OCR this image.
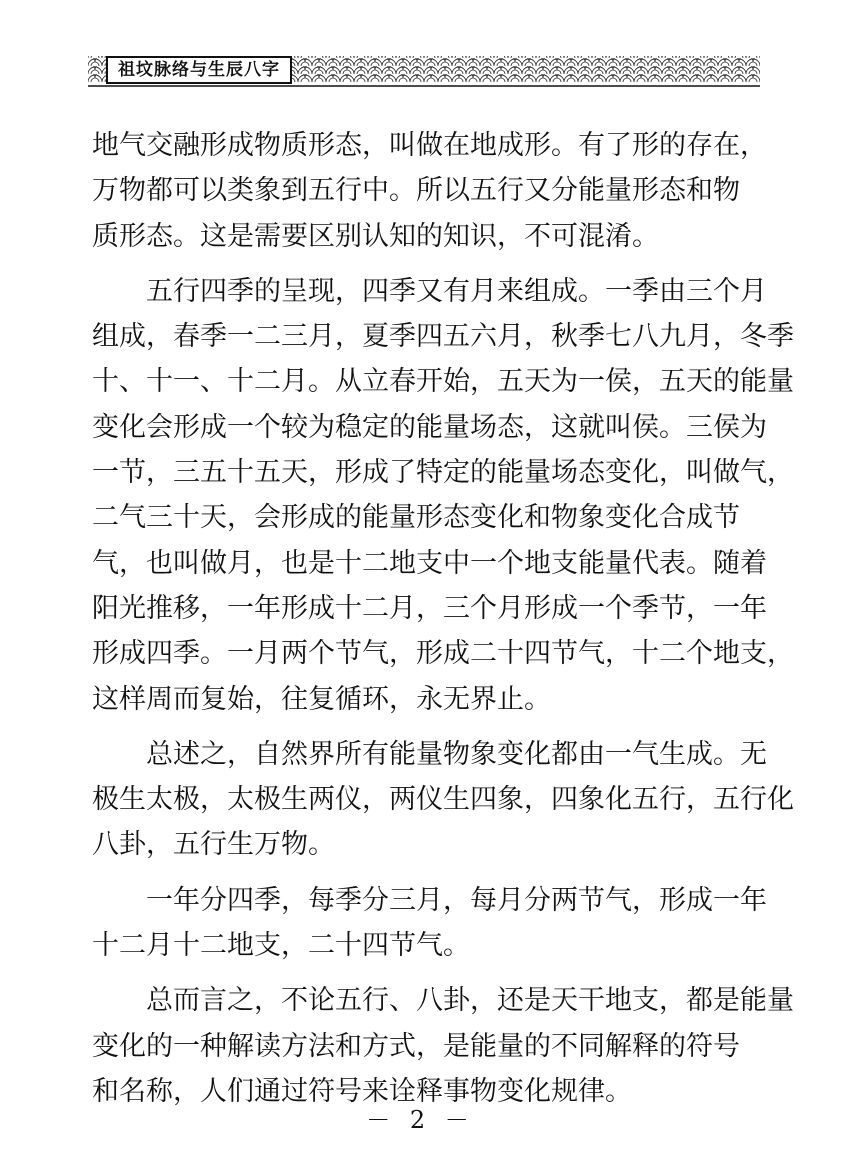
祖坟脉络与生辰八字

地气交融形成物质形态，叫做在地成形。有了形的存在，
万物都可以类象到五行中。所以五行又分能量形态和物
质形态。这是需要区别认知的知识，不可混淆。

五行四季的呈现，四季又有月来组成。一季由三个月
组成，春季一二三月，夏季四五六月，秋季七八九月，冬季
十、十一、十二月。从立春开始，五天为一侯，五天的能量
变化会形成一个较为稳定的能量场态，这就叫侯。三侯为
一节，三五十五天，形成了特定的能量场态变化，叫做气，
二气三十天，会形成的能量形态变化和物象变化合成节
气，也叫做月，也是十二地支中一个地支能量代表。随着
阳光推移，一年形成十二月，三个月形成一个季节，一年
形成四季。一月两个节气，形成二十四节气，十二个地支，
这样周而复始，往复循环，永无界止。

总述之，自然界所有能量物象变化都由一气生成。无
极生太极，太极生两仪，两仪生四象，四象化五行，五行化
八卦，五行生万物。

一年分四季，每季分三月，每月分两节气，形成一年
十二月十二地支，二十四节气。

总而言之，不论五行、八卦，还是天干地支，都是能量
变化的一种解读方法和方式，是能量的不同解释的符号
和名称，人们通过符号来诠释事物变化规律。

－ 2 －
